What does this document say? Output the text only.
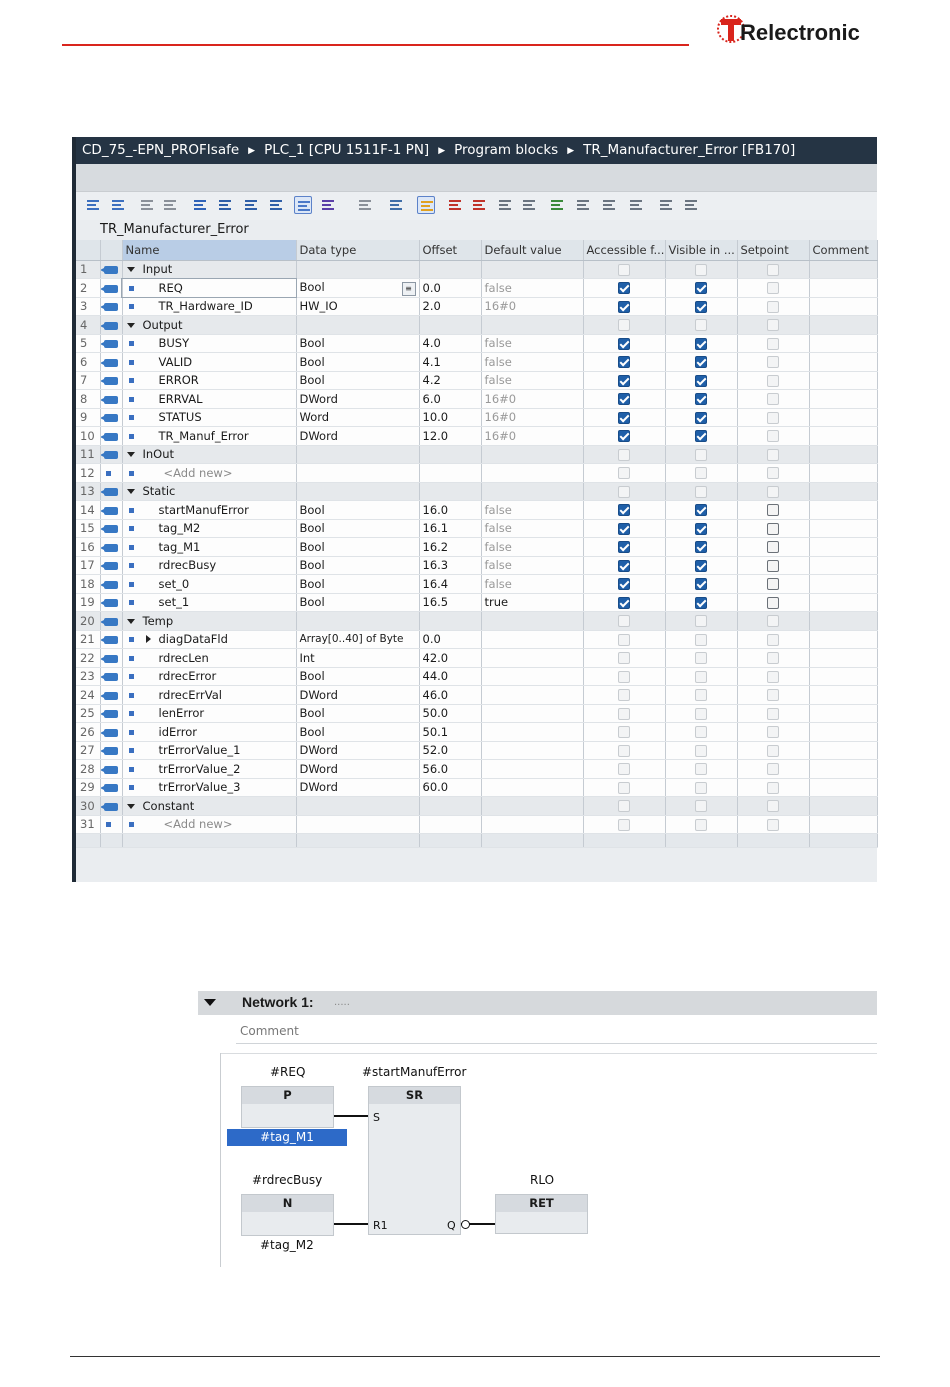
Relectronic
CD_75_-EPN_PROFIsafe ▶ PLC_1 [CPU 1511F-1 PN] ▶ Program blocks ▶ TR_Manufacturer_Error [FB170]
TR_Manufacturer_Error
		Name	Data type	Offset	Default value	Accessible f...	Visible in ...	Setpoint	Comment
1		Input							
2		REQ	Bool ≡	0.0	false				
3		TR_Hardware_ID	HW_IO	2.0	16#0				
4		Output							
5		BUSY	Bool	4.0	false				
6		VALID	Bool	4.1	false				
7		ERROR	Bool	4.2	false				
8		ERRVAL	DWord	6.0	16#0				
9		STATUS	Word	10.0	16#0				
10		TR_Manuf_Error	DWord	12.0	16#0				
11		InOut							
12		<Add new>							
13		Static							
14		startManufError	Bool	16.0	false				
15		tag_M2	Bool	16.1	false				
16		tag_M1	Bool	16.2	false				
17		rdrecBusy	Bool	16.3	false				
18		set_0	Bool	16.4	false				
19		set_1	Bool	16.5	true				
20		Temp							
21		diagDataFld	Array[0..40] of Byte	0.0					
22		rdrecLen	Int	42.0					
23		rdrecError	Bool	44.0					
24		rdrecErrVal	DWord	46.0					
25		lenError	Bool	50.0					
26		idError	Bool	50.1					
27		trErrorValue_1	DWord	52.0					
28		trErrorValue_2	DWord	56.0					
29		trErrorValue_3	DWord	60.0					
30		Constant							
31		<Add new>							

Network 1: .....
Comment
#REQ
P
#tag_M1
#startManufError
SR
S
R1	Q
#rdrecBusy
N
#tag_M2
RLO
RET
